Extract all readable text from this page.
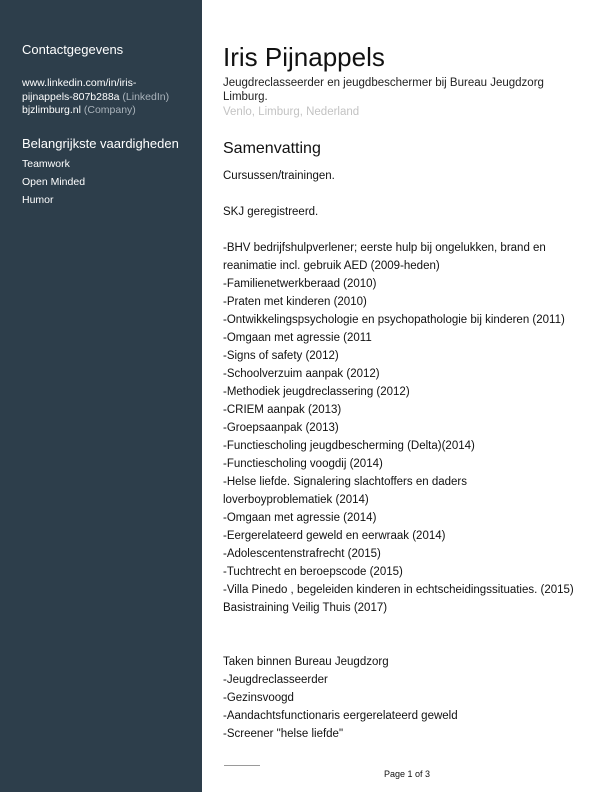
Contactgegevens
www.linkedin.com/in/iris-
pijnappels-807b288a (LinkedIn)
bjzlimburg.nl (Company)
Belangrijkste vaardigheden
Teamwork
Open Minded
Humor
Iris Pijnappels
Jeugdreclasseerder en jeugdbeschermer bij Bureau Jeugdzorg
Limburg.
Venlo, Limburg, Nederland
Samenvatting
Cursussen/trainingen.
SKJ geregistreerd.
-BHV bedrijfshulpverlener; eerste hulp bij ongelukken, brand en
reanimatie incl. gebruik AED (2009-heden)
-Familienetwerkberaad (2010)
-Praten met kinderen (2010)
-Ontwikkelingspsychologie en psychopathologie bij kinderen (2011)
-Omgaan met agressie (2011
-Signs of safety (2012)
-Schoolverzuim aanpak (2012)
-Methodiek jeugdreclassering (2012)
-CRIEM aanpak (2013)
-Groepsaanpak (2013)
-Functiescholing jeugdbescherming (Delta)(2014)
-Functiescholing voogdij (2014)
-Helse liefde. Signalering slachtoffers en daders
loverboyproblematiek (2014)
-Omgaan met agressie (2014)
-Eergerelateerd geweld en eerwraak (2014)
-Adolescentenstrafrecht (2015)
-Tuchtrecht en beroepscode (2015)
-Villa Pinedo , begeleiden kinderen in echtscheidingssituaties. (2015)
Basistraining Veilig Thuis (2017)
Taken binnen Bureau Jeugdzorg
-Jeugdreclasseerder
-Gezinsvoogd
-Aandachtsfunctionaris eergerelateerd geweld
-Screener "helse liefde"
Page 1 of 3
